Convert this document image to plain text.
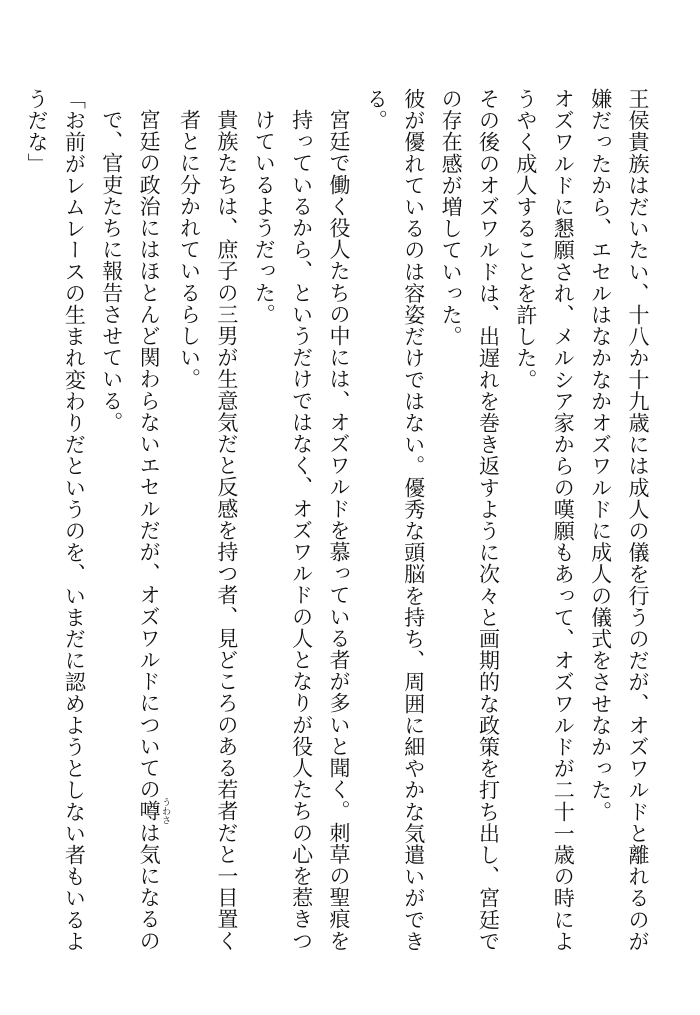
王侯貴族はだいたい、十八か十九歳には成人の儀を行うのだが、オズワルドと離れるのが嫌だったから、エセルはなかなかオズワルドに成人の儀式をさせなかった。

オズワルドに懇願され、メルシア家からの嘆願もあって、オズワルドが二十一歳の時にようやく成人することを許した。

その後のオズワルドは、出遅れを巻き返すように次々と画期的な政策を打ち出し、宮廷での存在感が増していった。

彼が優れているのは容姿だけではない。優秀な頭脳を持ち、周囲に細やかな気遣いができる。

宮廷で働く役人たちの中には、オズワルドを慕っている者が多いと聞く。刺草の聖痕を持っているから、というだけではなく、オズワルドの人となりが役人たちの心を惹きつけているようだった。

貴族たちは、庶子の三男が生意気だと反感を持つ者、見どころのある若者だと一目置く者とに分かれているらしい。

宮廷の政治にはほとんど関わらないエセルだが、オズワルドについての噂 うわさは気になるので、官吏たちに報告させている。

「お前がレムレースの生まれ変わりだというのを、いまだに認めようとしない者もいるようだな」
